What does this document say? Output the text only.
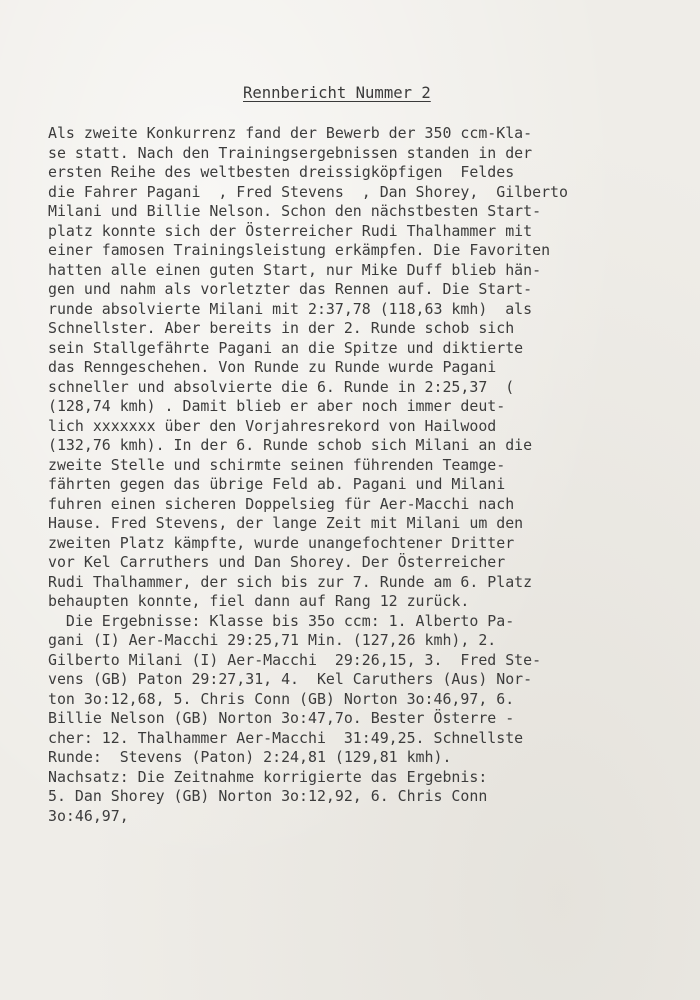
Rennbericht Nummer 2
Als zweite Konkurrenz fand der Bewerb der 350 ccm-Kla-
se statt. Nach den Trainingsergebnissen standen in der
ersten Reihe des weltbesten dreissigköpfigen  Feldes
die Fahrer Pagani  , Fred Stevens  , Dan Shorey,  Gilberto
Milani und Billie Nelson. Schon den nächstbesten Start-
platz konnte sich der Österreicher Rudi Thalhammer mit
einer famosen Trainingsleistung erkämpfen. Die Favoriten
hatten alle einen guten Start, nur Mike Duff blieb hän-
gen und nahm als vorletzter das Rennen auf. Die Start-
runde absolvierte Milani mit 2:37,78 (118,63 kmh)  als
Schnellster. Aber bereits in der 2. Runde schob sich
sein Stallgefährte Pagani an die Spitze und diktierte
das Renngeschehen. Von Runde zu Runde wurde Pagani
schneller und absolvierte die 6. Runde in 2:25,37  (
(128,74 kmh) . Damit blieb er aber noch immer deut-
lich xxxxxxx über den Vorjahresrekord von Hailwood
(132,76 kmh). In der 6. Runde schob sich Milani an die
zweite Stelle und schirmte seinen führenden Teamge-
fährten gegen das übrige Feld ab. Pagani und Milani
fuhren einen sicheren Doppelsieg für Aer-Macchi nach
Hause. Fred Stevens, der lange Zeit mit Milani um den
zweiten Platz kämpfte, wurde unangefochtener Dritter
vor Kel Carruthers und Dan Shorey. Der Österreicher
Rudi Thalhammer, der sich bis zur 7. Runde am 6. Platz
behaupten konnte, fiel dann auf Rang 12 zurück.
Die Ergebnisse: Klasse bis 35o ccm: 1. Alberto Pa-
gani (I) Aer-Macchi 29:25,71 Min. (127,26 kmh), 2.
Gilberto Milani (I) Aer-Macchi  29:26,15, 3.  Fred Ste-
vens (GB) Paton 29:27,31, 4.  Kel Caruthers (Aus) Nor-
ton 3o:12,68, 5. Chris Conn (GB) Norton 3o:46,97, 6.
Billie Nelson (GB) Norton 3o:47,7o. Bester Österre -
cher: 12. Thalhammer Aer-Macchi  31:49,25. Schnellste
Runde:  Stevens (Paton) 2:24,81 (129,81 kmh).
Nachsatz: Die Zeitnahme korrigierte das Ergebnis:
5. Dan Shorey (GB) Norton 3o:12,92, 6. Chris Conn
3o:46,97,
